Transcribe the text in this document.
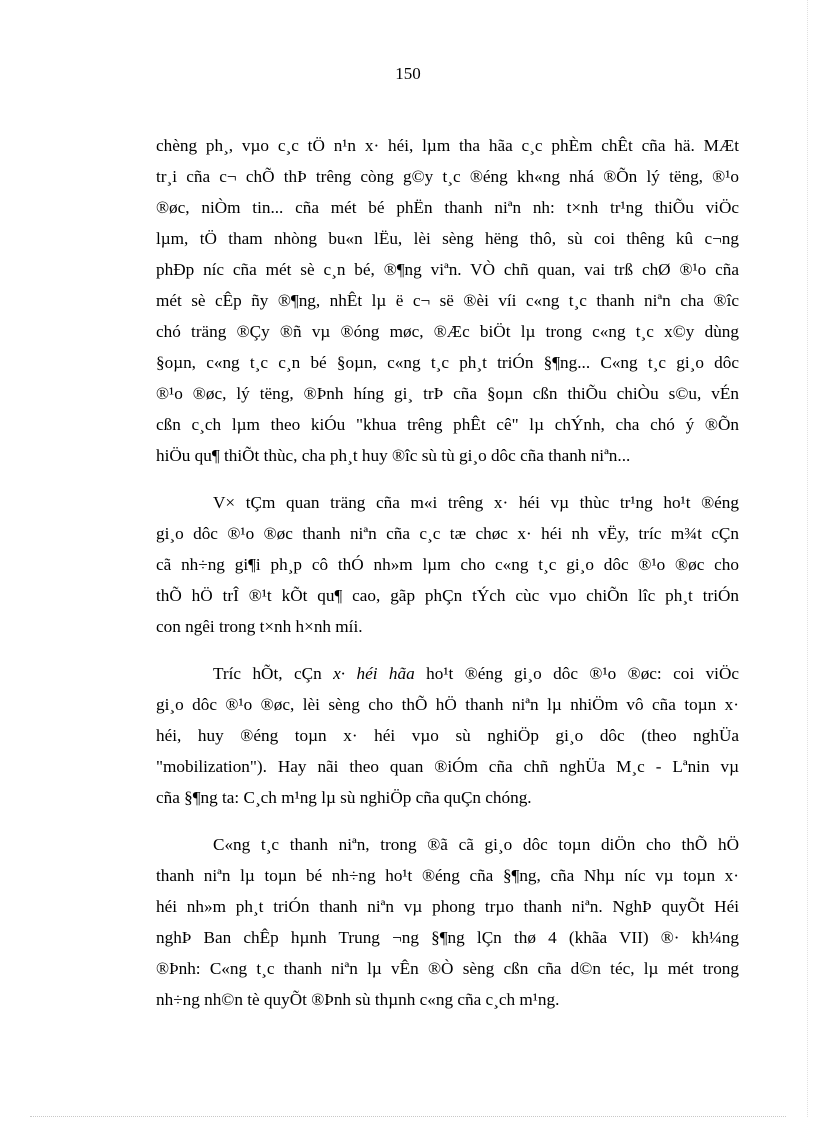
150
chèng ph¸, vµo c¸c tÖ n¹n x· héi, lµm tha hãa c¸c phÈm chÊt cña hä. MÆt
tr¸i cña c¬ chÕ thÞ trêng còng g©y t¸c ®éng kh«ng nhá ®Õn lý tëng, ®¹o
®øc, niÒm tin... cña mét bé phËn thanh niªn nh: t×nh tr¹ng thiÕu viÖc
lµm, tÖ tham nhòng bu«n lËu, lèi sèng hëng thô, sù coi thêng kû c¬ng
phÐp níc cña mét sè c¸n bé, ®¶ng viªn. VÒ chñ quan, vai trß chØ ®¹o cña
mét sè cÊp ñy ®¶ng, nhÊt lµ ë c¬ së ®èi víi c«ng t¸c thanh niªn cha ®îc
chó träng ®Çy ®ñ vµ ®óng møc, ®Æc biÖt lµ trong c«ng t¸c x©y dùng
§oµn, c«ng t¸c c¸n bé §oµn, c«ng t¸c ph¸t triÓn §¶ng... C«ng t¸c gi¸o dôc
®¹o ®øc, lý tëng, ®Þnh híng gi¸ trÞ cña §oµn cßn thiÕu chiÒu s©u, vÉn
cßn c¸ch lµm theo kiÓu "khua trêng phÊt cê" lµ chÝnh, cha chó ý ®Õn
hiÖu qu¶ thiÕt thùc, cha ph¸t huy ®îc sù tù gi¸o dôc cña thanh niªn...
V× tÇm quan träng cña m«i trêng x· héi vµ thùc tr¹ng ho¹t ®éng
gi¸o dôc ®¹o ®øc thanh niªn cña c¸c tæ chøc x· héi nh vËy, tríc m¾t cÇn
cã nh÷ng gi¶i ph¸p cô thÓ nh»m lµm cho c«ng t¸c gi¸o dôc ®¹o ®øc cho
thÕ hÖ trÎ ®¹t kÕt qu¶ cao, gãp phÇn tÝch cùc vµo chiÕn lîc ph¸t triÓn
con ngêi trong t×nh h×nh míi.
Tríc hÕt, cÇn x· héi hãa ho¹t ®éng gi¸o dôc ®¹o ®øc: coi viÖc
gi¸o dôc ®¹o ®øc, lèi sèng cho thÕ hÖ thanh niªn lµ nhiÖm vô cña toµn x·
héi, huy ®éng toµn x· héi vµo sù nghiÖp gi¸o dôc (theo nghÜa
"mobilization"). Hay nãi theo quan ®iÓm cña chñ nghÜa M¸c - Lªnin vµ
cña §¶ng ta: C¸ch m¹ng lµ sù nghiÖp cña quÇn chóng.
C«ng t¸c thanh niªn, trong ®ã cã gi¸o dôc toµn diÖn cho thÕ hÖ
thanh niªn lµ toµn bé nh÷ng ho¹t ®éng cña §¶ng, cña Nhµ níc vµ toµn x·
héi nh»m ph¸t triÓn thanh niªn vµ phong trµo thanh niªn. NghÞ quyÕt Héi
nghÞ Ban chÊp hµnh Trung ¬ng §¶ng lÇn thø 4 (khãa VII) ®· kh¼ng
®Þnh: C«ng t¸c thanh niªn lµ vÊn ®Ò sèng cßn cña d©n téc, lµ mét trong
nh÷ng nh©n tè quyÕt ®Þnh sù thµnh c«ng cña c¸ch m¹ng.
